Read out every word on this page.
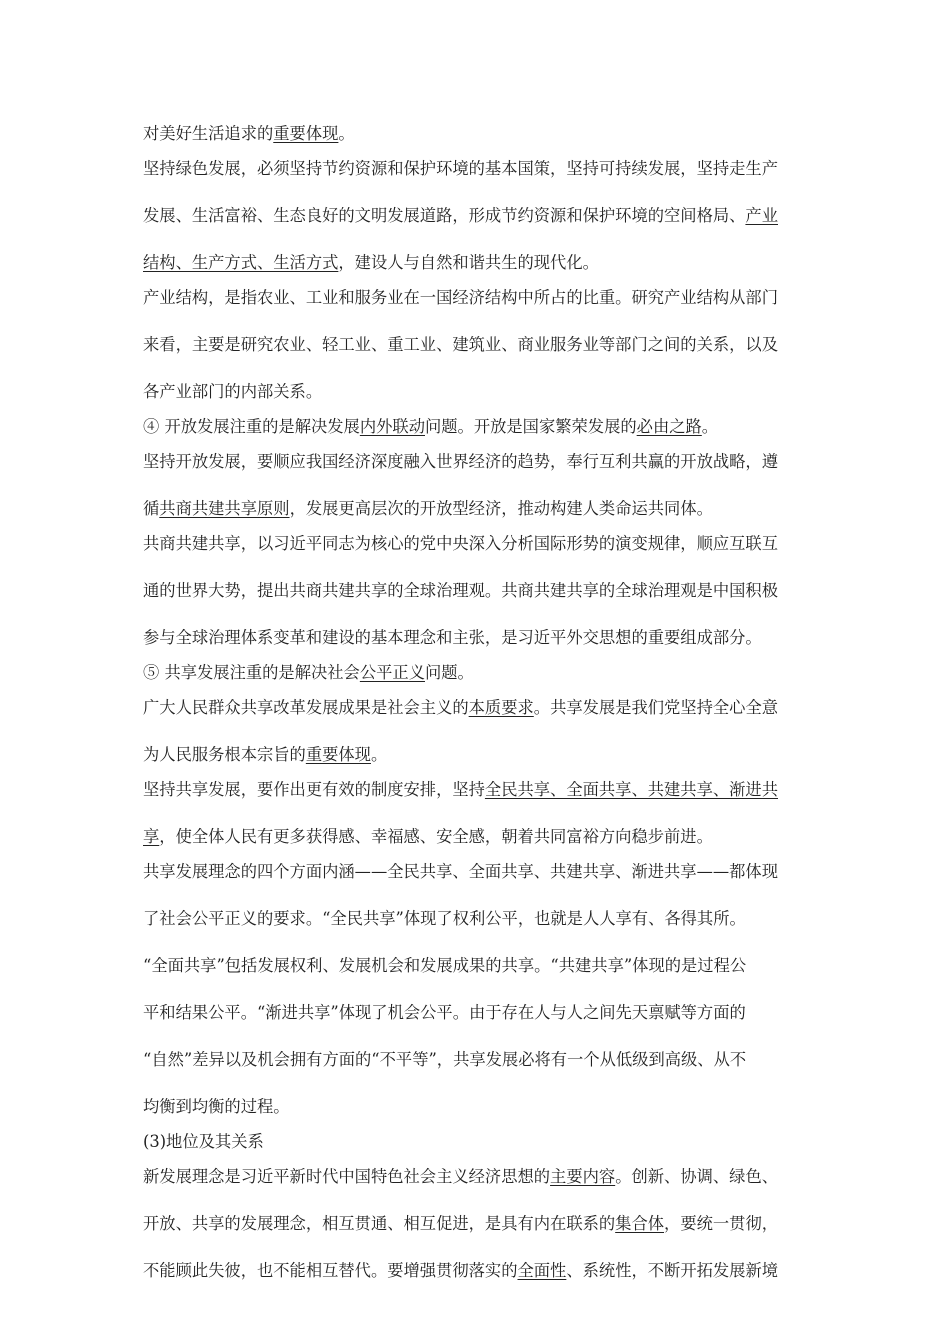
对美好生活追求的重要体现。
坚持绿色发展，必须坚持节约资源和保护环境的基本国策，坚持可持续发展，坚持走生产
发展、生活富裕、生态良好的文明发展道路，形成节约资源和保护环境的空间格局、产业
结构、生产方式、生活方式，建设人与自然和谐共生的现代化。
产业结构，是指农业、工业和服务业在一国经济结构中所占的比重。研究产业结构从部门
来看，主要是研究农业、轻工业、重工业、建筑业、商业服务业等部门之间的关系，以及
各产业部门的内部关系。
④ 开放发展注重的是解决发展内外联动问题。开放是国家繁荣发展的必由之路。
坚持开放发展，要顺应我国经济深度融入世界经济的趋势，奉行互利共赢的开放战略，遵
循共商共建共享原则，发展更高层次的开放型经济，推动构建人类命运共同体。
共商共建共享，以习近平同志为核心的党中央深入分析国际形势的演变规律，顺应互联互
通的世界大势，提出共商共建共享的全球治理观。共商共建共享的全球治理观是中国积极
参与全球治理体系变革和建设的基本理念和主张，是习近平外交思想的重要组成部分。
⑤ 共享发展注重的是解决社会公平正义问题。
广大人民群众共享改革发展成果是社会主义的本质要求。共享发展是我们党坚持全心全意
为人民服务根本宗旨的重要体现。
坚持共享发展，要作出更有效的制度安排，坚持全民共享、全面共享、共建共享、渐进共
享，使全体人民有更多获得感、幸福感、安全感，朝着共同富裕方向稳步前进。
共享发展理念的四个方面内涵——全民共享、全面共享、共建共享、渐进共享——都体现
了社会公平正义的要求。“全民共享”体现了权利公平，也就是人人享有、各得其所。
“全面共享”包括发展权利、发展机会和发展成果的共享。“共建共享”体现的是过程公
平和结果公平。“渐进共享”体现了机会公平。由于存在人与人之间先天禀赋等方面的
“自然”差异以及机会拥有方面的“不平等”，共享发展必将有一个从低级到高级、从不
均衡到均衡的过程。
(3)地位及其关系
新发展理念是习近平新时代中国特色社会主义经济思想的主要内容。创新、协调、绿色、
开放、共享的发展理念，相互贯通、相互促进，是具有内在联系的集合体，要统一贯彻，
不能顾此失彼，也不能相互替代。要增强贯彻落实的全面性、系统性，不断开拓发展新境
